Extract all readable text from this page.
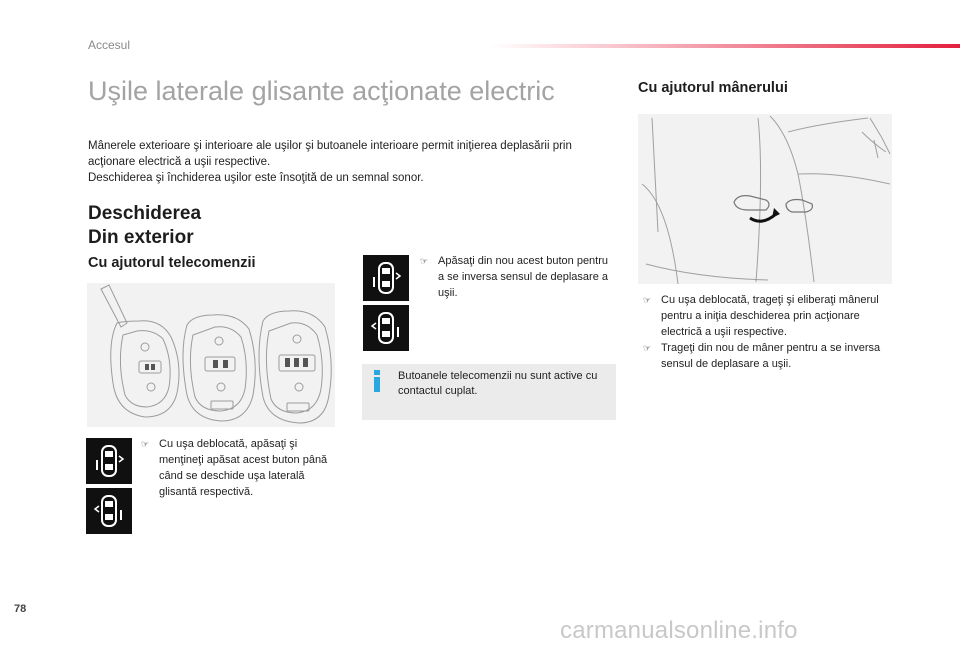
Accesul
Uşile laterale glisante acţionate electric
Mânerele exterioare şi interioare ale uşilor şi butoanele interioare permit iniţierea deplasării prin acţionare electrică a uşii respective.
Deschiderea şi închiderea uşilor este însoţită de un semnal sonor.
Deschiderea
Din exterior
Cu ajutorul telecomenzii	☞ Apăsaţi din nou acest buton pentru a se inversa sensul de deplasare a uşii.
Butoanele telecomenzii nu sunt active cu contactul cuplat.
☞ Cu uşa deblocată, apăsaţi şi menţineţi apăsat acest buton până când se deschide uşa laterală glisantă respectivă.
Cu ajutorul mânerului
☞ Cu uşa deblocată, trageţi şi eliberaţi mânerul pentru a iniţia deschiderea prin acţionare electrică a uşii respective.
☞ Trageţi din nou de mâner pentru a se inversa sensul de deplasare a uşii.
78
carmanualsonline.info
